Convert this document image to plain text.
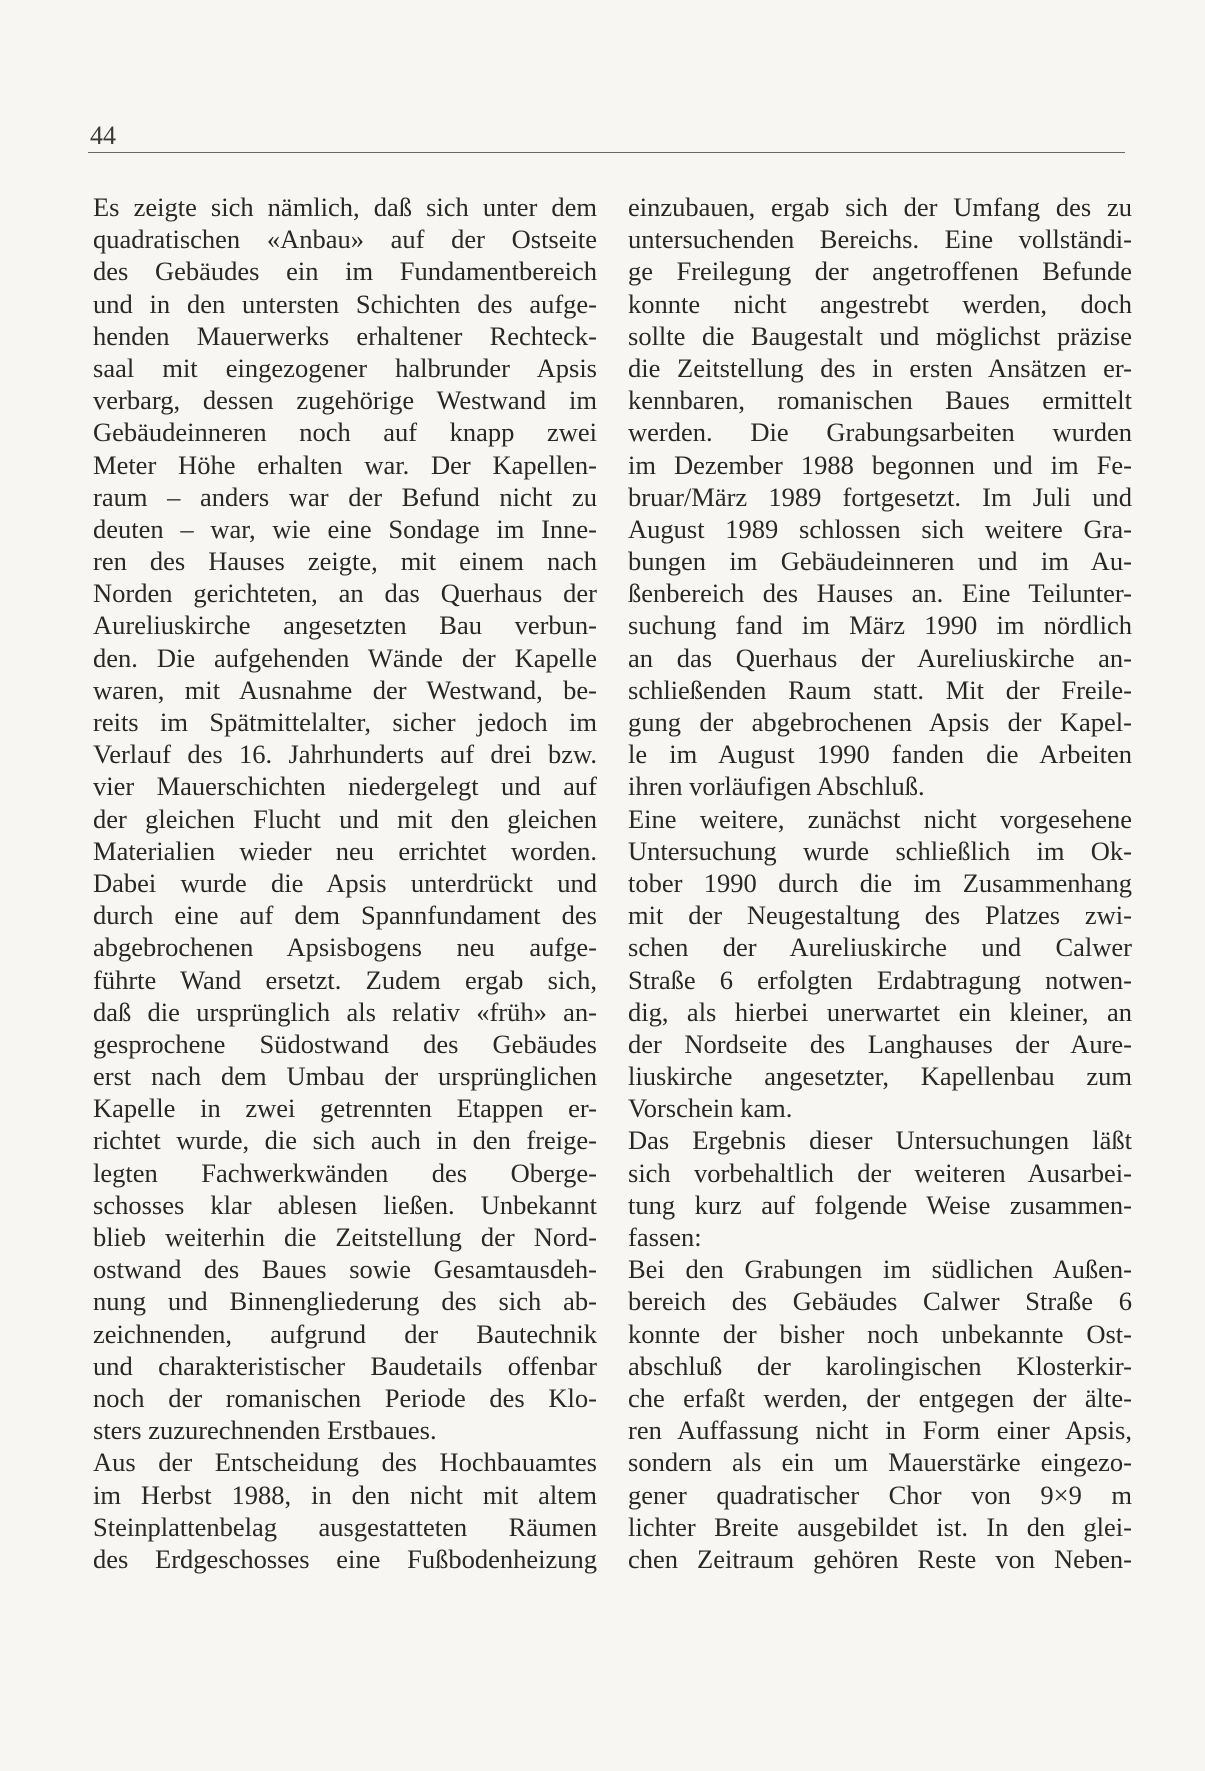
44
Es zeigte sich nämlich, daß sich unter dem
quadratischen «Anbau» auf der Ostseite
des Gebäudes ein im Fundamentbereich
und in den untersten Schichten des aufge-
henden Mauerwerks erhaltener Rechteck-
saal mit eingezogener halbrunder Apsis
verbarg, dessen zugehörige Westwand im
Gebäudeinneren noch auf knapp zwei
Meter Höhe erhalten war. Der Kapellen-
raum – anders war der Befund nicht zu
deuten – war, wie eine Sondage im Inne-
ren des Hauses zeigte, mit einem nach
Norden gerichteten, an das Querhaus der
Aureliuskirche angesetzten Bau verbun-
den. Die aufgehenden Wände der Kapelle
waren, mit Ausnahme der Westwand, be-
reits im Spätmittelalter, sicher jedoch im
Verlauf des 16. Jahrhunderts auf drei bzw.
vier Mauerschichten niedergelegt und auf
der gleichen Flucht und mit den gleichen
Materialien wieder neu errichtet worden.
Dabei wurde die Apsis unterdrückt und
durch eine auf dem Spannfundament des
abgebrochenen Apsisbogens neu aufge-
führte Wand ersetzt. Zudem ergab sich,
daß die ursprünglich als relativ «früh» an-
gesprochene Südostwand des Gebäudes
erst nach dem Umbau der ursprünglichen
Kapelle in zwei getrennten Etappen er-
richtet wurde, die sich auch in den freige-
legten Fachwerkwänden des Oberge-
schosses klar ablesen ließen. Unbekannt
blieb weiterhin die Zeitstellung der Nord-
ostwand des Baues sowie Gesamtausdeh-
nung und Binnengliederung des sich ab-
zeichnenden, aufgrund der Bautechnik
und charakteristischer Baudetails offenbar
noch der romanischen Periode des Klo-
sters zuzurechnenden Erstbaues.
Aus der Entscheidung des Hochbauamtes
im Herbst 1988, in den nicht mit altem
Steinplattenbelag ausgestatteten Räumen
des Erdgeschosses eine Fußbodenheizung
einzubauen, ergab sich der Umfang des zu
untersuchenden Bereichs. Eine vollständi-
ge Freilegung der angetroffenen Befunde
konnte nicht angestrebt werden, doch
sollte die Baugestalt und möglichst präzise
die Zeitstellung des in ersten Ansätzen er-
kennbaren, romanischen Baues ermittelt
werden. Die Grabungsarbeiten wurden
im Dezember 1988 begonnen und im Fe-
bruar/März 1989 fortgesetzt. Im Juli und
August 1989 schlossen sich weitere Gra-
bungen im Gebäudeinneren und im Au-
ßenbereich des Hauses an. Eine Teilunter-
suchung fand im März 1990 im nördlich
an das Querhaus der Aureliuskirche an-
schließenden Raum statt. Mit der Freile-
gung der abgebrochenen Apsis der Kapel-
le im August 1990 fanden die Arbeiten
ihren vorläufigen Abschluß.
Eine weitere, zunächst nicht vorgesehene
Untersuchung wurde schließlich im Ok-
tober 1990 durch die im Zusammenhang
mit der Neugestaltung des Platzes zwi-
schen der Aureliuskirche und Calwer
Straße 6 erfolgten Erdabtragung notwen-
dig, als hierbei unerwartet ein kleiner, an
der Nordseite des Langhauses der Aure-
liuskirche angesetzter, Kapellenbau zum
Vorschein kam.
Das Ergebnis dieser Untersuchungen läßt
sich vorbehaltlich der weiteren Ausarbei-
tung kurz auf folgende Weise zusammen-
fassen:
Bei den Grabungen im südlichen Außen-
bereich des Gebäudes Calwer Straße 6
konnte der bisher noch unbekannte Ost-
abschluß der karolingischen Klosterkir-
che erfaßt werden, der entgegen der älte-
ren Auffassung nicht in Form einer Apsis,
sondern als ein um Mauerstärke eingezo-
gener quadratischer Chor von 9×9 m
lichter Breite ausgebildet ist. In den glei-
chen Zeitraum gehören Reste von Neben-
